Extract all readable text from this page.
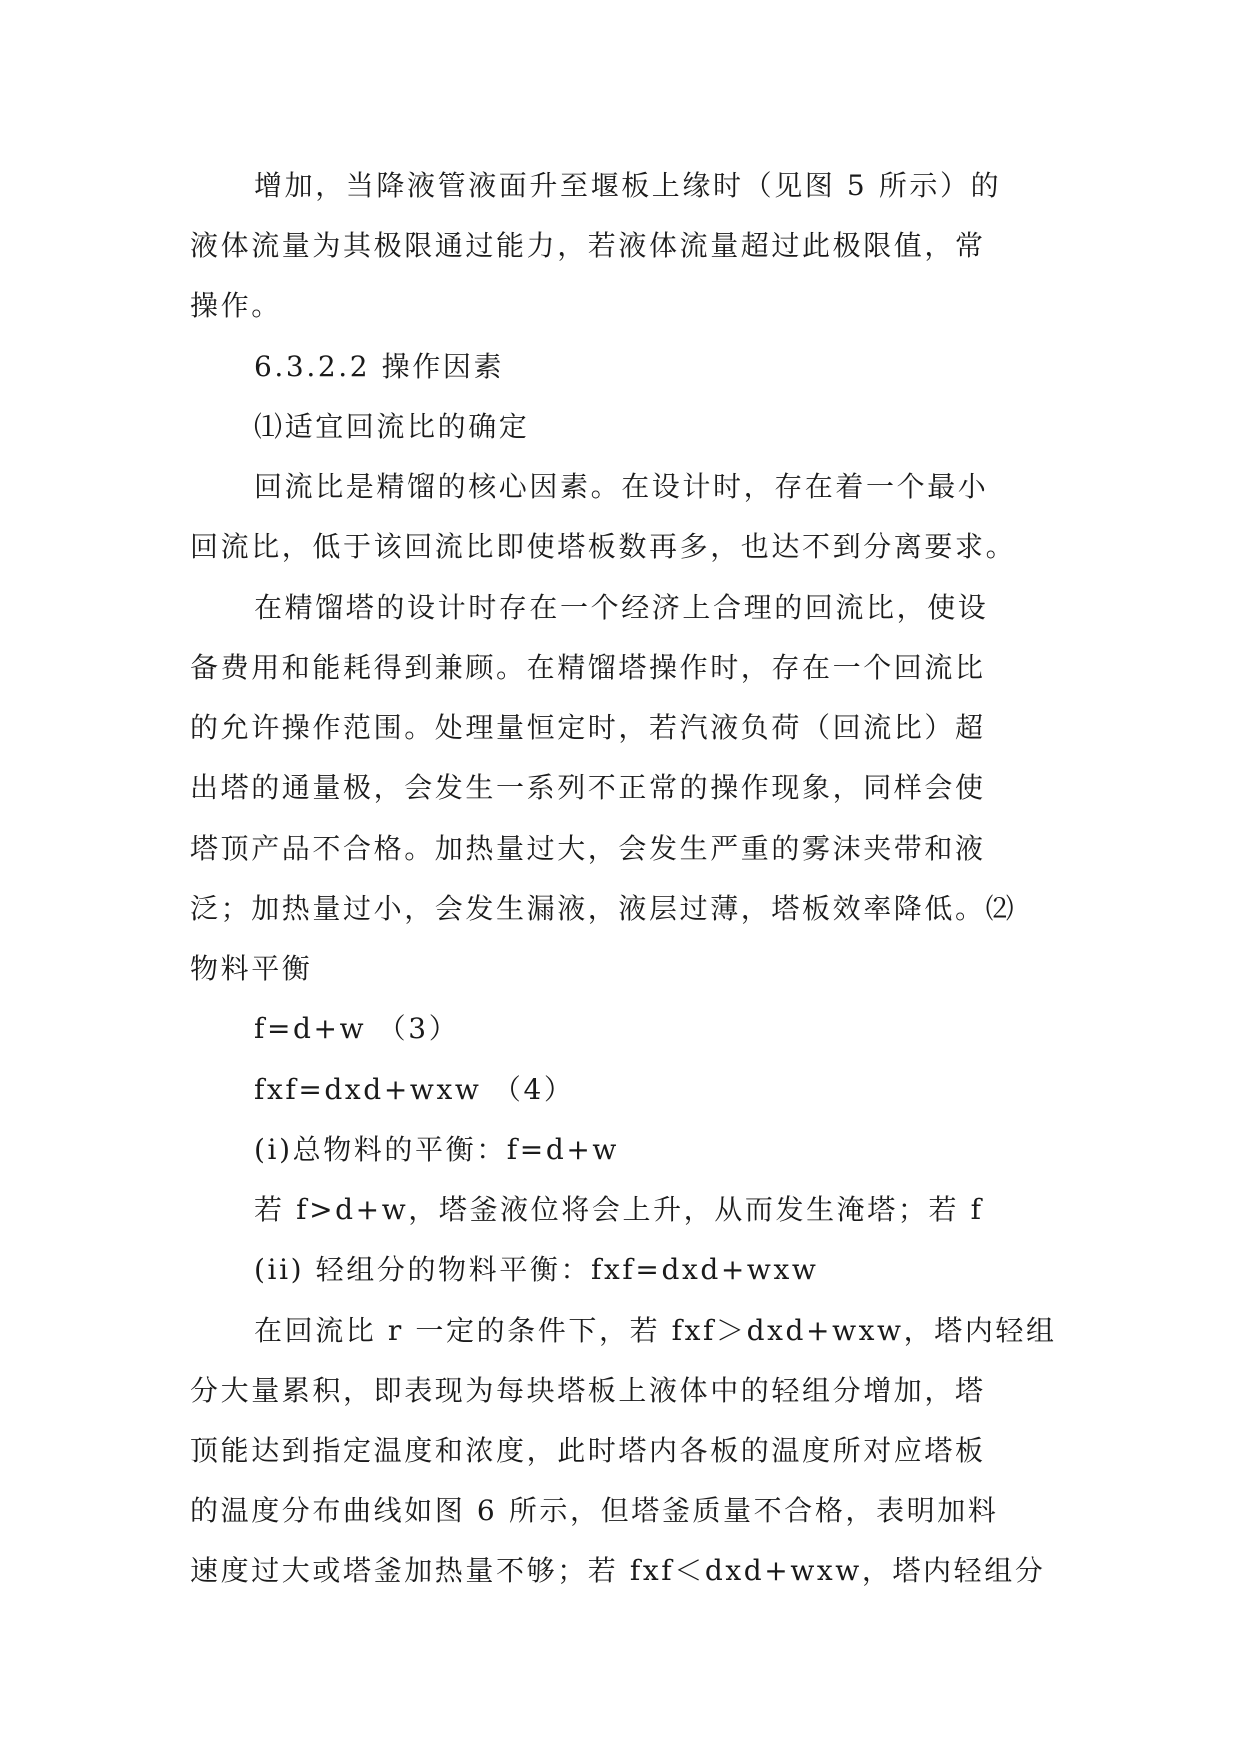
增加，当降液管液面升至堰板上缘时（见图 5 所示）的
液体流量为其极限通过能力，若液体流量超过此极限值，常
操作。
6.3.2.2 操作因素
⑴适宜回流比的确定
回流比是精馏的核心因素。在设计时，存在着一个最小
回流比，低于该回流比即使塔板数再多，也达不到分离要求。
在精馏塔的设计时存在一个经济上合理的回流比，使设
备费用和能耗得到兼顾。在精馏塔操作时，存在一个回流比
的允许操作范围。处理量恒定时，若汽液负荷（回流比）超
出塔的通量极，会发生一系列不正常的操作现象，同样会使
塔顶产品不合格。加热量过大，会发生严重的雾沫夹带和液
泛；加热量过小，会发生漏液，液层过薄，塔板效率降低。⑵
物料平衡
f=d+w （3）
fxf=dxd+wxw （4）
(i)总物料的平衡：f=d+w
若 f>d+w，塔釜液位将会上升，从而发生淹塔；若 f
(ii) 轻组分的物料平衡：fxf=dxd+wxw
在回流比 r 一定的条件下，若 fxf＞dxd+wxw，塔内轻组
分大量累积，即表现为每块塔板上液体中的轻组分增加，塔
顶能达到指定温度和浓度，此时塔内各板的温度所对应塔板
的温度分布曲线如图 6 所示，但塔釜质量不合格，表明加料
速度过大或塔釜加热量不够；若 fxf＜dxd+wxw，塔内轻组分
